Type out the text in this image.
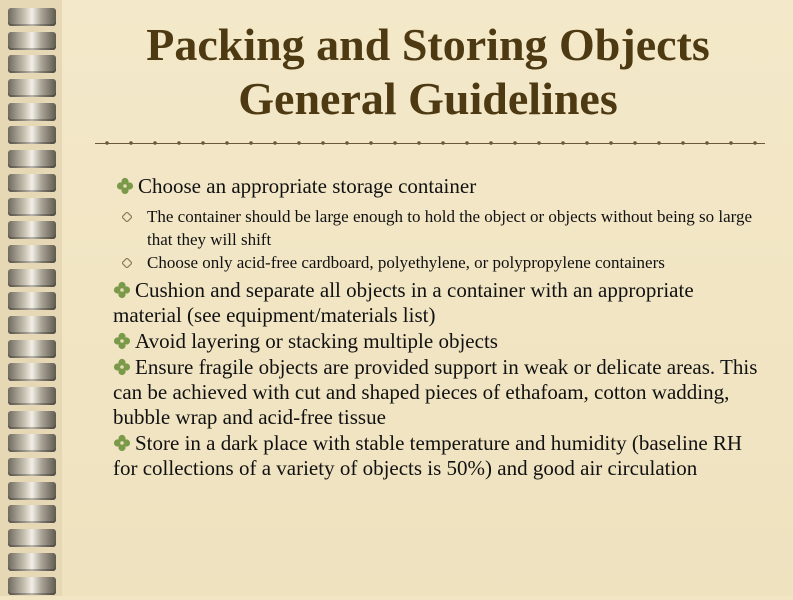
Packing and Storing Objects
General Guidelines
Choose an appropriate storage container
The container should be large enough to hold the object or objects without being so large that they will shift
Choose only acid-free cardboard, polyethylene, or polypropylene containers
Cushion and separate all objects in a container with an appropriate material (see equipment/materials list)
Avoid layering or stacking multiple objects
Ensure fragile objects are provided support in weak or delicate areas. This can be achieved with cut and shaped pieces of ethafoam, cotton wadding, bubble wrap and acid-free tissue
Store in a dark place with stable temperature and humidity (baseline RH for collections of a variety of objects is 50%) and good air circulation
